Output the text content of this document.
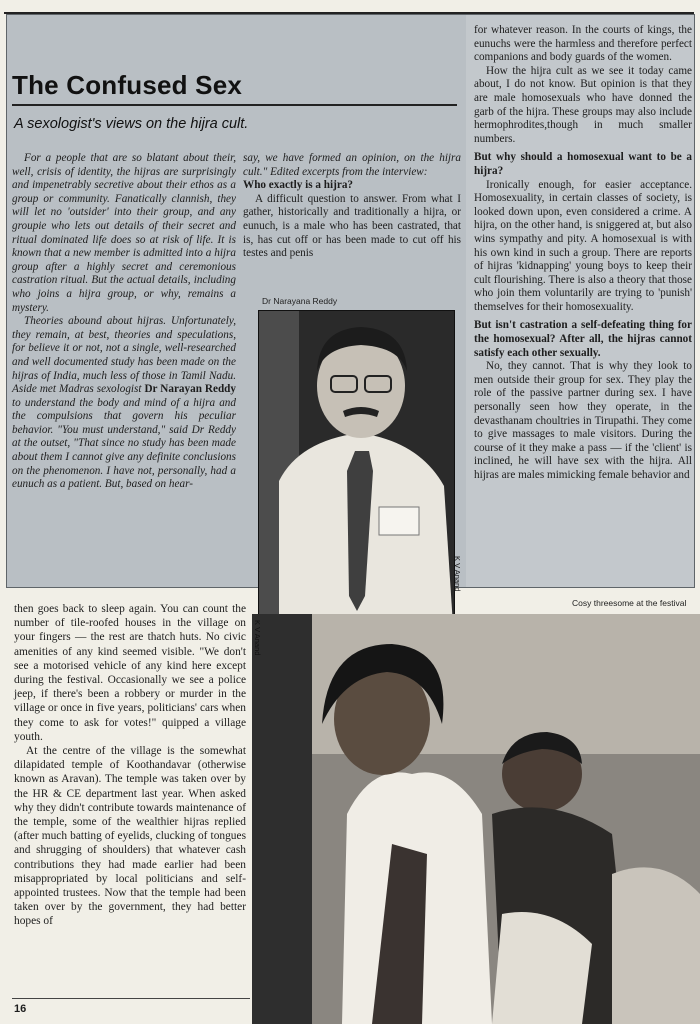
The Confused Sex
A sexologist's views on the hijra cult.

For a people that are so blatant about their, well, crisis of identity, the hijras are surprisingly and impenetrably secretive about their ethos as a group or community. Fanatically clannish, they will let no 'outsider' into their group, and any groupie who lets out details of their secret and ritual dominated life does so at risk of life. It is known that a new member is admitted into a hijra group after a highly secret and ceremonious castration ritual. But the actual details, including who joins a hijra group, or why, remains a mystery.

Theories abound about hijras. Unfortunately, they remain, at best, theories and speculations, for believe it or not, not a single, well-researched and well documented study has been made on the hijras of India, much less of those in Tamil Nadu. Aside met Madras sexologist Dr Narayan Reddy to understand the body and mind of a hijra and the compulsions that govern his peculiar behavior. "You must understand," said Dr Reddy at the outset, "That since no study has been made about them I cannot give any definite conclusions on the phenomenon. I have not, personally, had a eunuch as a patient. But, based on hear-

say, we have formed an opinion, on the hijra cult." Edited excerpts from the interview:

Who exactly is a hijra?

A difficult question to answer. From what I gather, historically and traditionally a hijra, or eunuch, is a male who has been castrated, that is, has cut off or has been made to cut off his testes and penis

Dr Narayana Reddy
K V Anand

for whatever reason. In the courts of kings, the eunuchs were the harmless and therefore perfect companions and body guards of the women.

How the hijra cult as we see it today came about, I do not know. But opinion is that they are male homosexuals who have donned the garb of the hijra. These groups may also include hermophrodites,though in much smaller numbers.

But why should a homosexual want to be a hijra?

Ironically enough, for easier acceptance. Homosexuality, in certain classes of society, is looked down upon, even considered a crime. A hijra, on the other hand, is sniggered at, but also wins sympathy and pity. A homosexual is with his own kind in such a group. There are reports of hijras 'kidnapping' young boys to keep their cult flourishing. There is also a theory that those who join them voluntarily are trying to 'punish' themselves for their homosexuality.

But isn't castration a self-defeating thing for the homosexual? After all, the hijras cannot satisfy each other sexually.

No, they cannot. That is why they look to men outside their group for sex. They play the role of the passive partner during sex. I have personally seen how they operate, in the devasthanam choultries in Tirupathi. They come to give massages to male visitors. During the course of it they make a pass — if the 'client' is inclined, he will have sex with the hijra. All hijras are males mimicking female behavior and

then goes back to sleep again. You can count the number of tile-roofed houses in the village on your fingers — the rest are thatch huts. No civic amenities of any kind seemed visible. "We don't see a motorised vehicle of any kind here except during the festival. Occasionally we see a police jeep, if there's been a robbery or murder in the village or once in five years, politicians' cars when they come to ask for votes!" quipped a village youth.

At the centre of the village is the somewhat dilapidated temple of Koothandavar (otherwise known as Aravan). The temple was taken over by the HR & CE department last year. When asked why they didn't contribute towards maintenance of the temple, some of the wealthier hijras replied (after much batting of eyelids, clucking of tongues and shrugging of shoulders) that whatever cash contributions they had made earlier had been misappropriated by local politicians and self-appointed trustees. Now that the temple had been taken over by the government, they had better hopes of

Cosy threesome at the festival
K V Anand
16
